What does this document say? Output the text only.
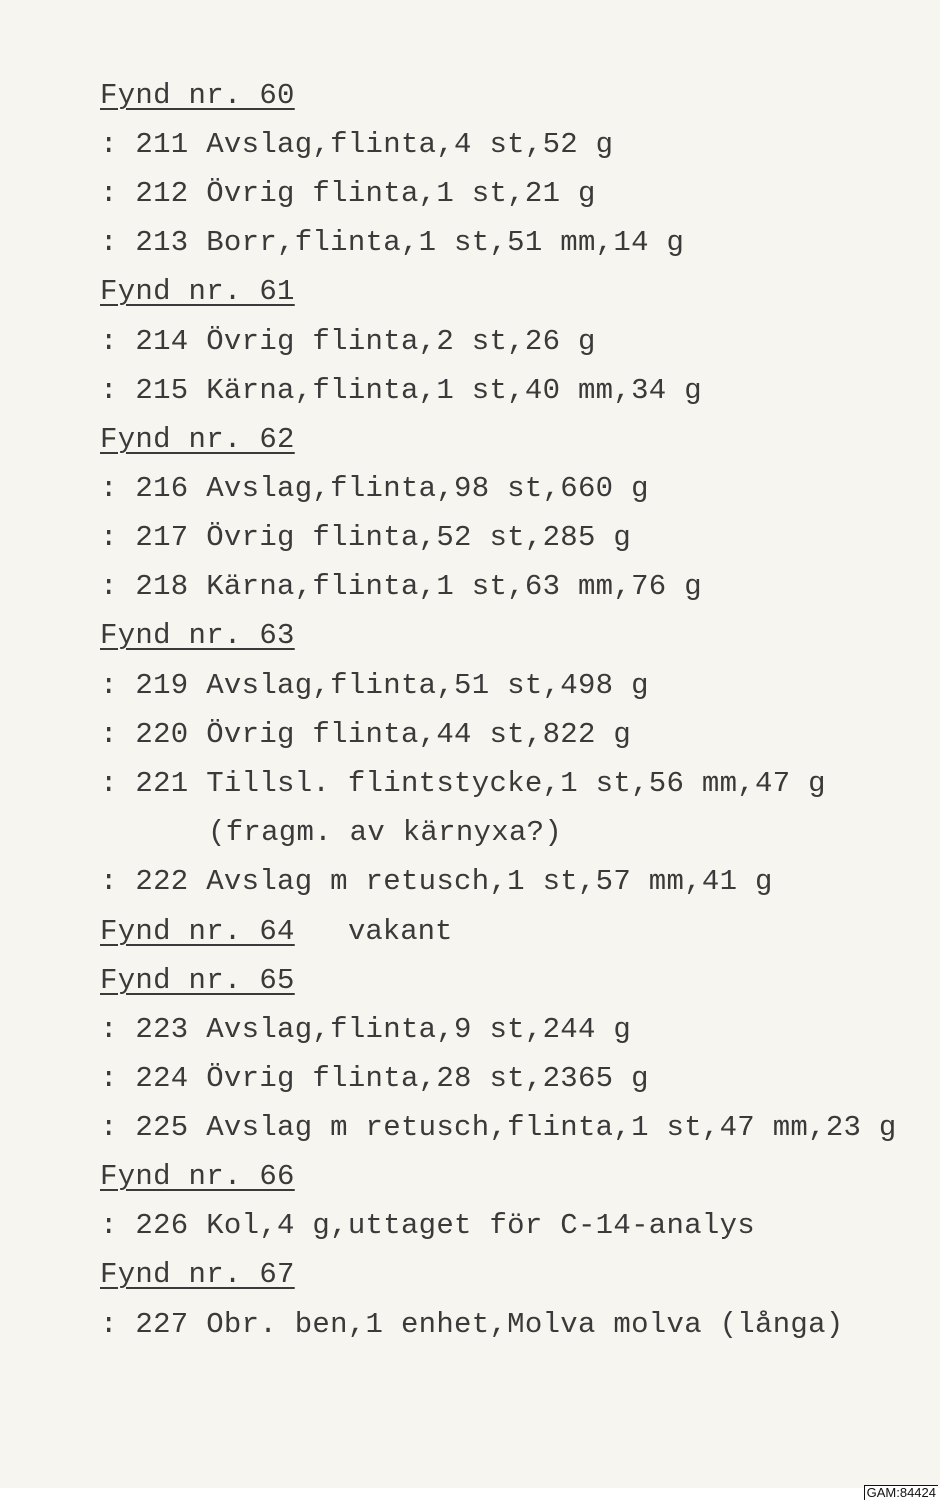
Fynd nr. 60
: 211 Avslag,flinta,4 st,52 g
: 212 Övrig flinta,1 st,21 g
: 213 Borr,flinta,1 st,51 mm,14 g
Fynd nr. 61
: 214 Övrig flinta,2 st,26 g
: 215 Kärna,flinta,1 st,40 mm,34 g
Fynd nr. 62
: 216 Avslag,flinta,98 st,660 g
: 217 Övrig flinta,52 st,285 g
: 218 Kärna,flinta,1 st,63 mm,76 g
Fynd nr. 63
: 219 Avslag,flinta,51 st,498 g
: 220 Övrig flinta,44 st,822 g
: 221 Tillsl. flintstycke,1 st,56 mm,47 g
(fragm. av kärnyxa?)
: 222 Avslag m retusch,1 st,57 mm,41 g
Fynd nr. 64 vakant
Fynd nr. 65
: 223 Avslag,flinta,9 st,244 g
: 224 Övrig flinta,28 st,2365 g
: 225 Avslag m retusch,flinta,1 st,47 mm,23 g
Fynd nr. 66
: 226 Kol,4 g,uttaget för C-14-analys
Fynd nr. 67
: 227 Obr. ben,1 enhet,Molva molva (långa)
GAM:84424
